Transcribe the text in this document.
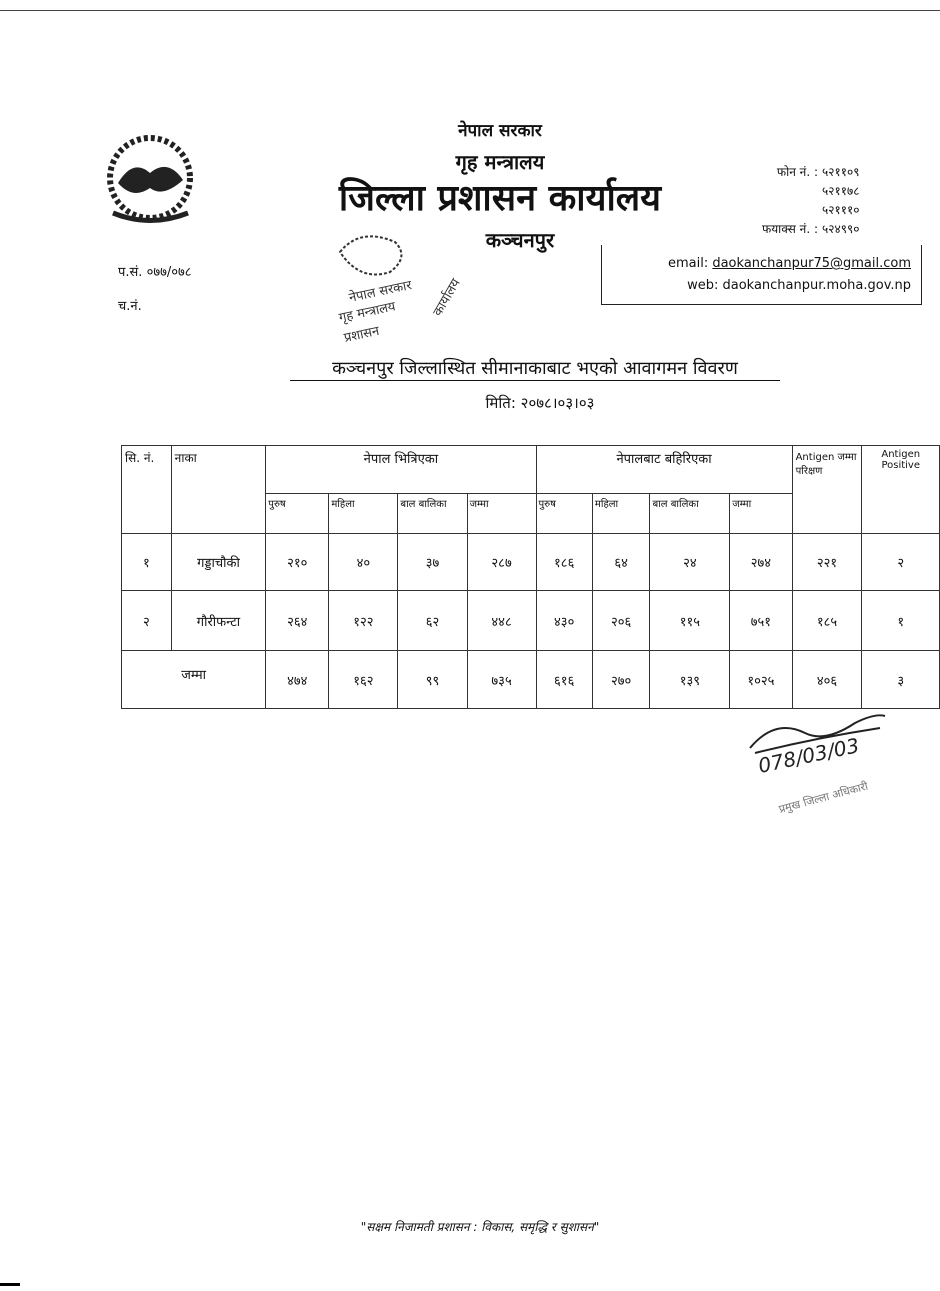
नेपाल सरकार
गृह मन्त्रालय
जिल्ला प्रशासन कार्यालय
कञ्चनपुर
फोन नं. : ५२११०९
५२११७८
५२१११०
फयाक्स नं. : ५२४९९०
email: daokanchanpur75@gmail.com
web: daokanchanpur.moha.gov.np
प.सं. ०७७/०७८
च.नं.
नेपाल सरकार
गृह मन्त्रालय
प्रशासन
कार्यालय
कञ्चनपुर जिल्लास्थित सीमानाकाबाट भएको आवागमन विवरण
मिति: २०७८।०३।०३
सि. नं.	नाका	नेपाल भित्रिएका				नेपालबाट बहिरिएका				Antigen जम्मा परिक्षण	Antigen Positive
		पुरुष	महिला	बाल बालिका	जम्मा	पुरुष	महिला	बाल बालिका	जम्मा		
१	गड्डाचौकी	२१०	४०	३७	२८७	१८६	६४	२४	२७४	२२१	२
२	गौरीफन्टा	२६४	१२२	६२	४४८	४३०	२०६	११५	७५१	१८५	१
जम्मा		४७४	१६२	९९	७३५	६१६	२७०	१३९	१०२५	४०६	३
078/03/03
प्रमुख जिल्ला अधिकारी
"सक्षम निजामती प्रशासन : विकास, समृद्धि र सुशासन"
